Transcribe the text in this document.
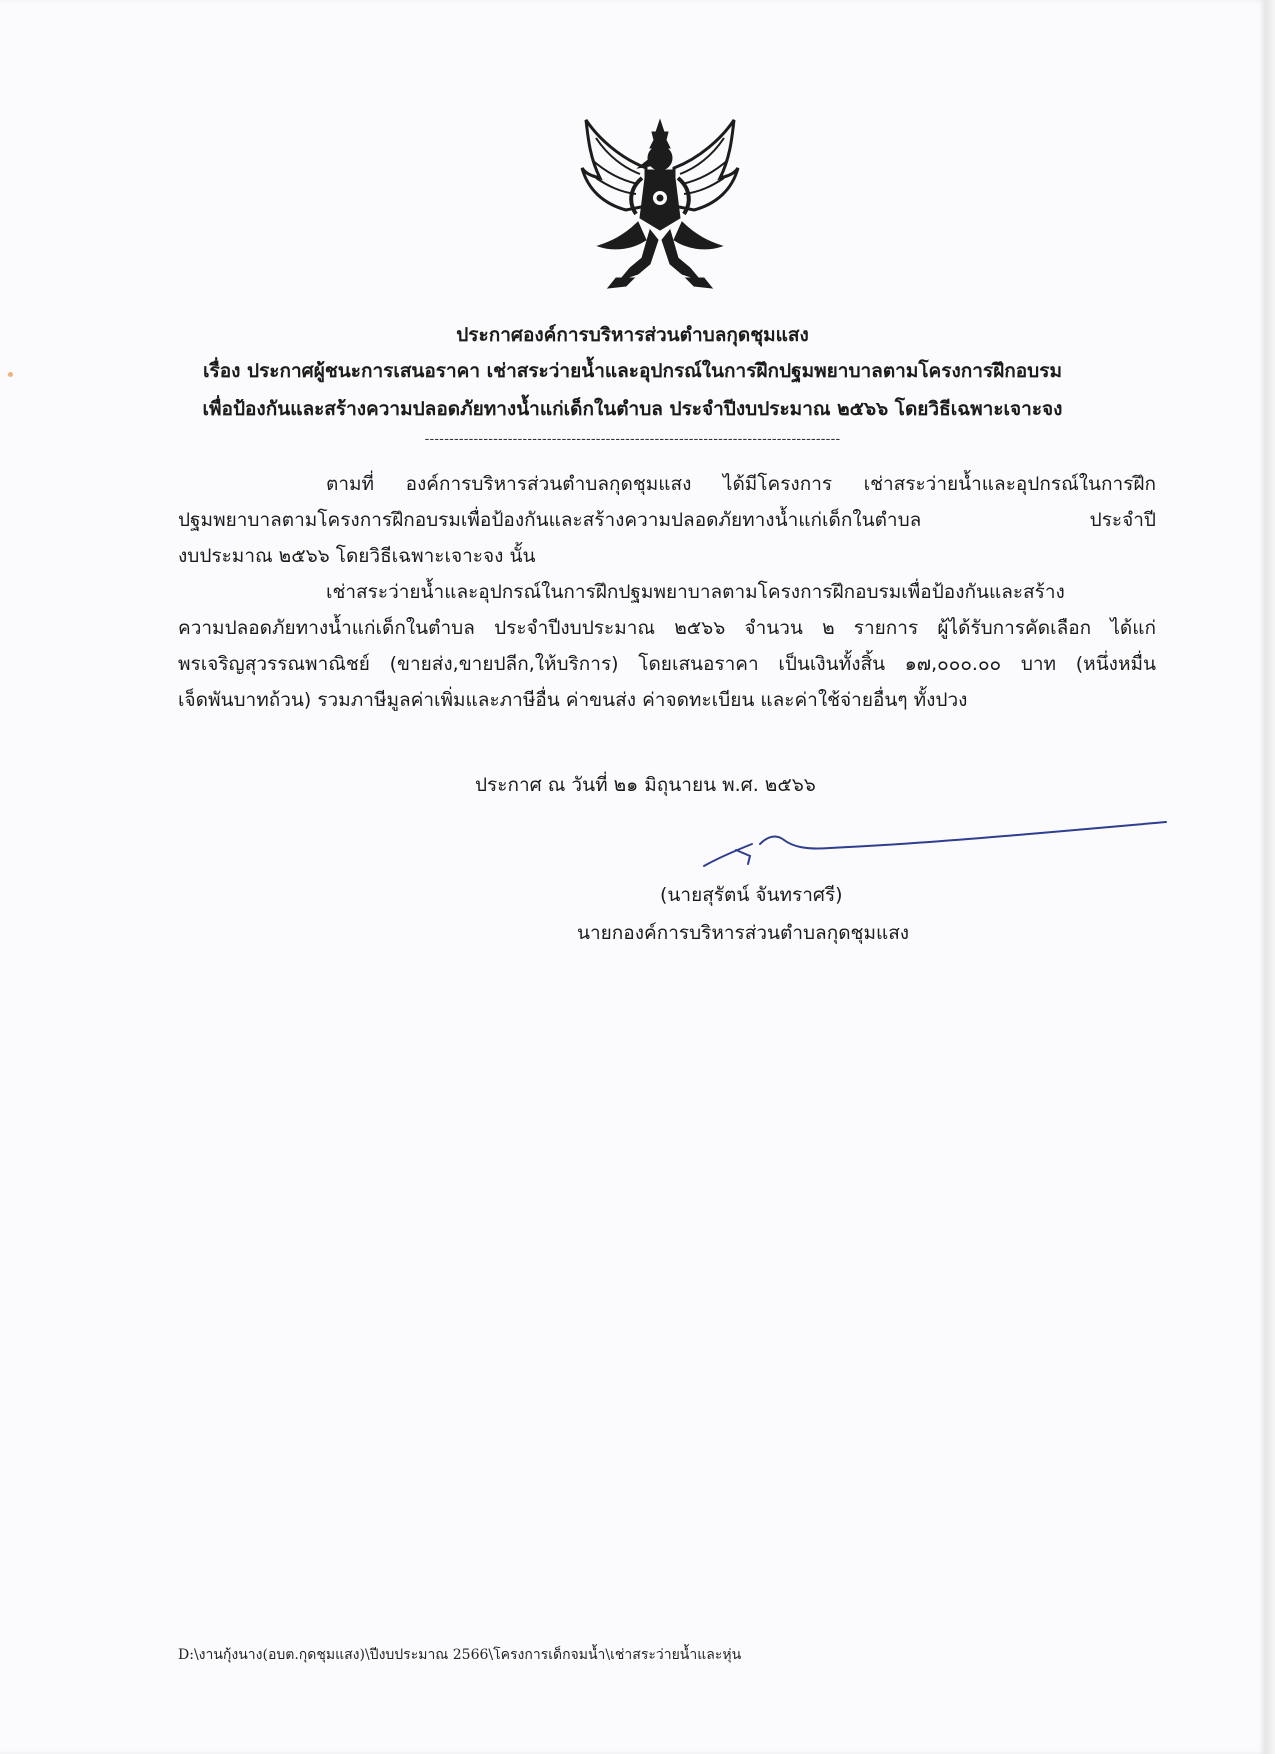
ประกาศองค์การบริหารส่วนตำบลกุดชุมแสง
เรื่อง ประกาศผู้ชนะการเสนอราคา เช่าสระว่ายน้ำและอุปกรณ์ในการฝึกปฐมพยาบาลตามโครงการฝึกอบรม
เพื่อป้องกันและสร้างความปลอดภัยทางน้ำแก่เด็กในตำบล ประจำปีงบประมาณ ๒๕๖๖ โดยวิธีเฉพาะเจาะจง
-------------------------------------------------------------------------------------
ตามที่ องค์การบริหารส่วนตำบลกุดชุมแสง ได้มีโครงการ เช่าสระว่ายน้ำและอุปกรณ์ในการฝึก
ปฐมพยาบาลตามโครงการฝึกอบรมเพื่อป้องกันและสร้างความปลอดภัยทางน้ำแก่เด็กในตำบล ประจำปี
งบประมาณ ๒๕๖๖ โดยวิธีเฉพาะเจาะจง นั้น
เช่าสระว่ายน้ำและอุปกรณ์ในการฝึกปฐมพยาบาลตามโครงการฝึกอบรมเพื่อป้องกันและสร้าง
ความปลอดภัยทางน้ำแก่เด็กในตำบล ประจำปีงบประมาณ ๒๕๖๖ จำนวน ๒ รายการ ผู้ได้รับการคัดเลือก ได้แก่
พรเจริญสุวรรณพาณิชย์ (ขายส่ง,ขายปลีก,ให้บริการ) โดยเสนอราคา เป็นเงินทั้งสิ้น ๑๗,๐๐๐.๐๐ บาท (หนึ่งหมื่น
เจ็ดพันบาทถ้วน) รวมภาษีมูลค่าเพิ่มและภาษีอื่น ค่าขนส่ง ค่าจดทะเบียน และค่าใช้จ่ายอื่นๆ ทั้งปวง
ประกาศ ณ วันที่ ๒๑ มิถุนายน พ.ศ. ๒๕๖๖
(นายสุรัตน์ จันทราศรี)
นายกองค์การบริหารส่วนตำบลกุดชุมแสง
D:\งานกุ้งนาง(อบต.กุดชุมแสง)\ปีงบประมาณ 2566\โครงการเด็กจมน้ำ\เช่าสระว่ายน้ำและหุ่น
